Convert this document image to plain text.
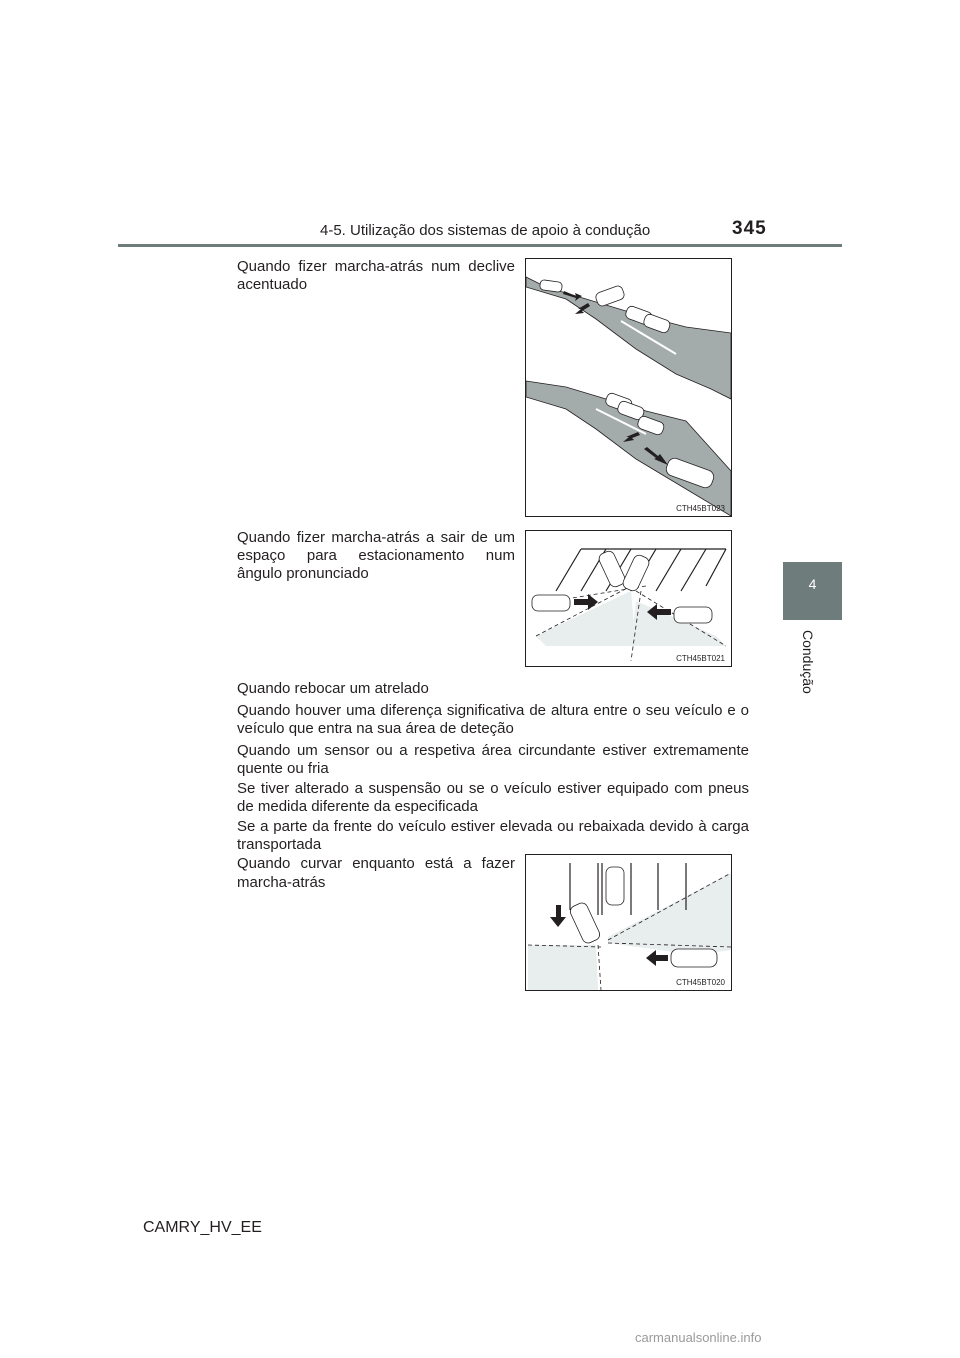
4-5. Utilização dos sistemas de apoio à condução	345
4
Condução
Quando fizer marcha-atrás num declive acentuado
CTH45BT023
Quando fizer marcha-atrás a sair de um
espaço para estacionamento num
ângulo pronunciado
CTH45BT021
Quando rebocar um atrelado
Quando houver uma diferença significativa de altura entre o seu veículo e o veículo que entra na sua área de deteção
Quando um sensor ou a respetiva área circundante estiver extremamente quente ou fria
Se tiver alterado a suspensão ou se o veículo estiver equipado com pneus de medida diferente da especificada
Se a parte da frente do veículo estiver elevada ou rebaixada devido à carga transportada
Quando curvar enquanto está a fazer
marcha-atrás
CTH45BT020
CAMRY_HV_EE
carmanualsonline.info
